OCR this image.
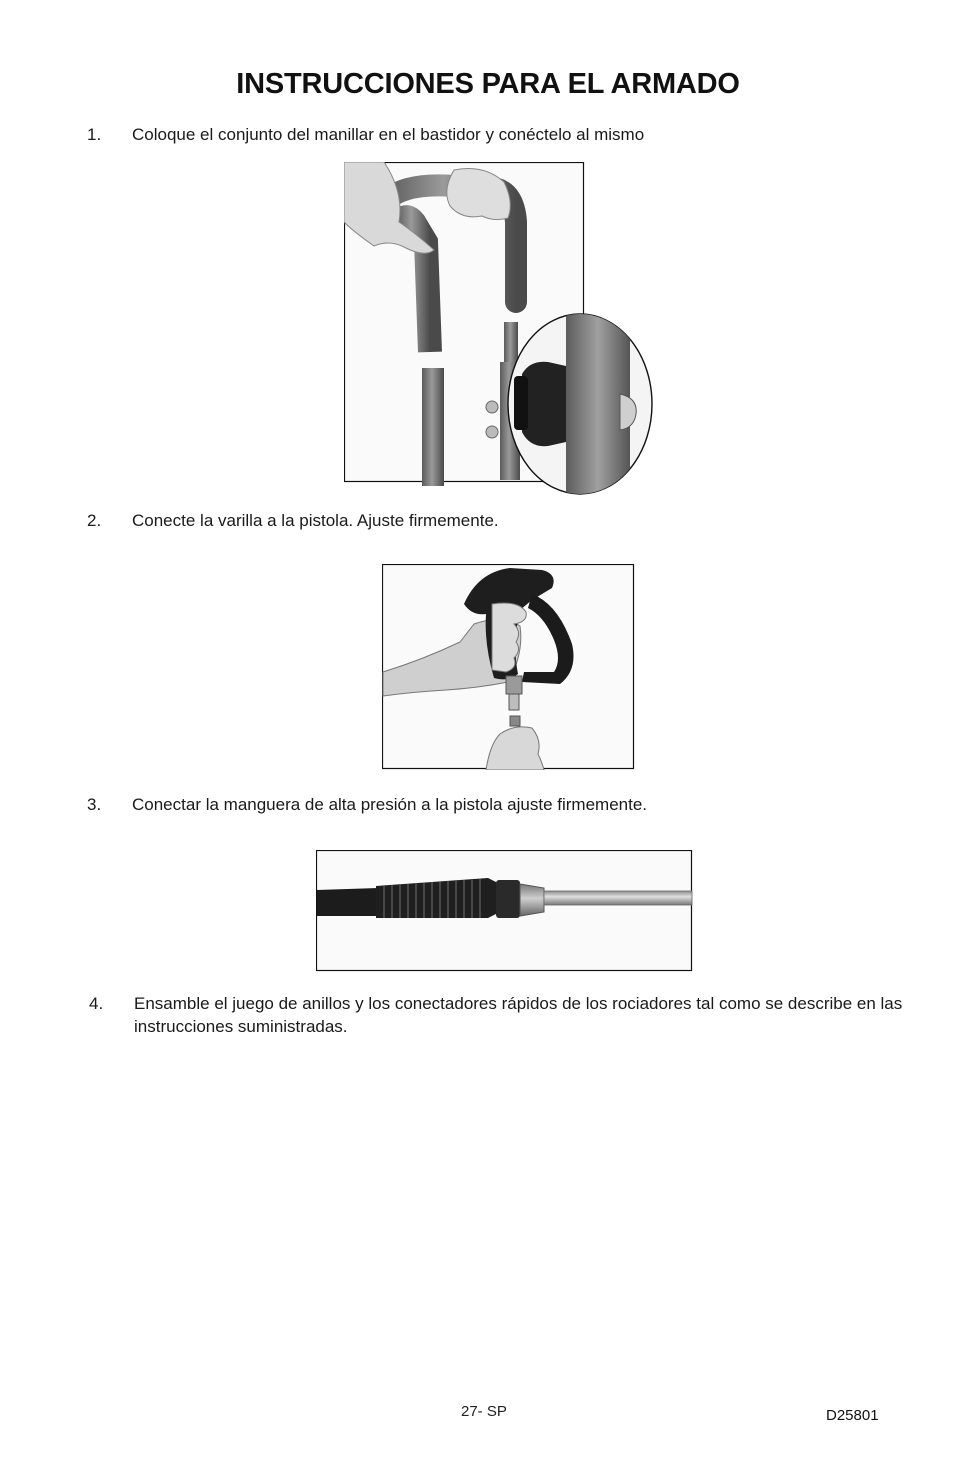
INSTRUCCIONES PARA EL ARMADO
1. Coloque el conjunto del manillar en el bastidor y conéctelo al mismo
2. Conecte la varilla a la pistola. Ajuste firmemente.
3. Conectar la manguera de alta presión a la pistola ajuste firmemente.
4. Ensamble el juego de anillos y los conectadores rápidos de los rociadores tal como se describe en las instrucciones suministradas.
27- SP	D25801
